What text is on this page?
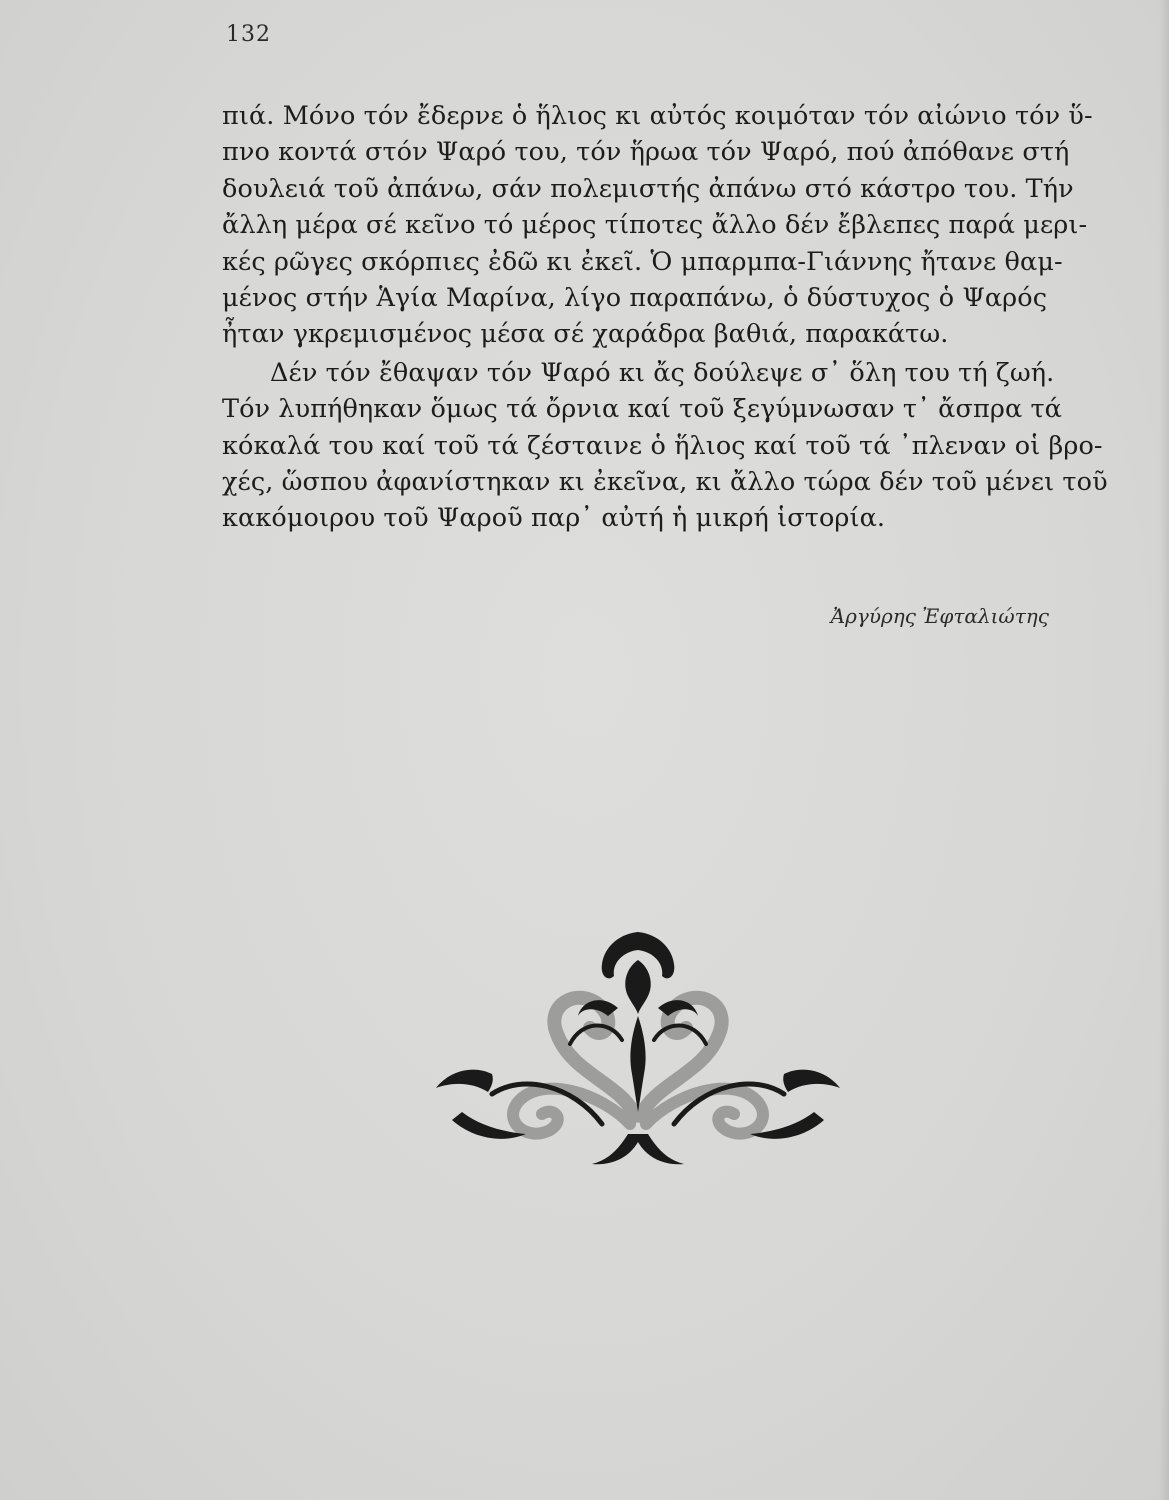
132
πιά. Μόνο τόν ἔδερνε ὁ ἥλιος κι αὐτός κοιμόταν τόν αἰώνιο τόν ὕ-
πνο κοντά στόν Ψαρό του, τόν ἥρωα τόν Ψαρό, πού ἀπόθανε στή
δουλειά τοῦ ἀπάνω, σάν πολεμιστής ἀπάνω στό κάστρο του. Τήν
ἄλλη μέρα σέ κεῖνο τό μέρος τίποτες ἄλλο δέν ἔβλεπες παρά μερι-
κές ρῶγες σκόρπιες ἐδῶ κι ἐκεῖ. Ὁ μπαρμπα-Γιάννης ἤτανε θαμ-
μένος στήν Ἁγία Μαρίνα, λίγο παραπάνω, ὁ δύστυχος ὁ Ψαρός
ἦταν γκρεμισμένος μέσα σέ χαράδρα βαθιά, παρακάτω.
Δέν τόν ἔθαψαν τόν Ψαρό κι ἄς δούλεψε σ᾽ ὅλη του τή ζωή.
Τόν λυπήθηκαν ὅμως τά ὄρνια καί τοῦ ξεγύμνωσαν τ᾽ ἄσπρα τά
κόκαλά του καί τοῦ τά ζέσταινε ὁ ἥλιος καί τοῦ τά ᾽πλεναν οἱ βρο-
χές, ὥσπου ἀφανίστηκαν κι ἐκεῖνα, κι ἄλλο τώρα δέν τοῦ μένει τοῦ
κακόμοιρου τοῦ Ψαροῦ παρ᾽ αὐτή ἡ μικρή ἱστορία.
Ἀργύρης Ἐφταλιώτης
